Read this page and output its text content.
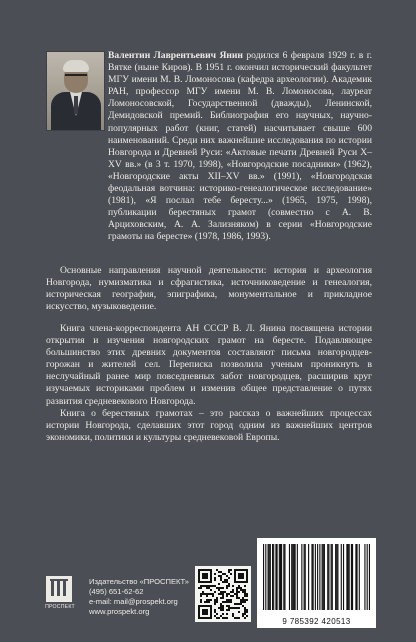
Валентин Лаврентьевич Янин родился 6 февраля 1929 г. в г. Вятке (ныне Киров). В 1951 г. окончил исторический факультет МГУ имени М. В. Ломоносова (кафедра археологии). Академик РАН, профессор МГУ имени М. В. Ломоносова, лауреат Ломоносовской, Государственной (дважды), Ленинской, Демидовской премий. Библиография его научных, научно-популярных работ (книг, статей) насчитывает свыше 600 наименований. Среди них важнейшие исследования по истории Новгорода и Древней Руси: «Актовые печати Древней Руси X–XV вв.» (в 3 т. 1970, 1998), «Новгородские посадники» (1962), «Новгородские акты XII–XV вв.» (1991), «Новгородская феодальная вотчина: историко-генеалогическое исследование» (1981), «Я послал тебе бересту...» (1965, 1975, 1998), публикации берестяных грамот (совместно с А. В. Арциховским, А. А. Зализняком) в серии «Новгородские грамоты на бересте» (1978, 1986, 1993).

Основные направления научной деятельности: история и археология Новгорода, нумизматика и сфрагистика, источниковедение и генеалогия, историческая география, эпиграфика, монументальное и прикладное искусство, музыковедение.

Книга члена-корреспондента АН СССР В. Л. Янина посвящена истории открытия и изучения новгородских грамот на бересте. Подавляющее большинство этих древних документов составляют письма новгородцев-горожан и жителей сел. Переписка позволила ученым проникнуть в неслучайный ранее мир повседневных забот новгородцев, расширив круг изучаемых историками проблем и изменив общее представление о путях развития средневекового Новгорода.

Книга о берестяных грамотах – это рассказ о важнейших процессах истории Новгорода, сделавших этот город одним из важнейших центров экономики, политики и культуры средневековой Европы.

ПРОСПЕКТ
Издательство «ПРОСПЕКТ»
(495) 651-62-62
e-mail: mail@prospekt.org
www.prospekt.org
9 785392 420513
